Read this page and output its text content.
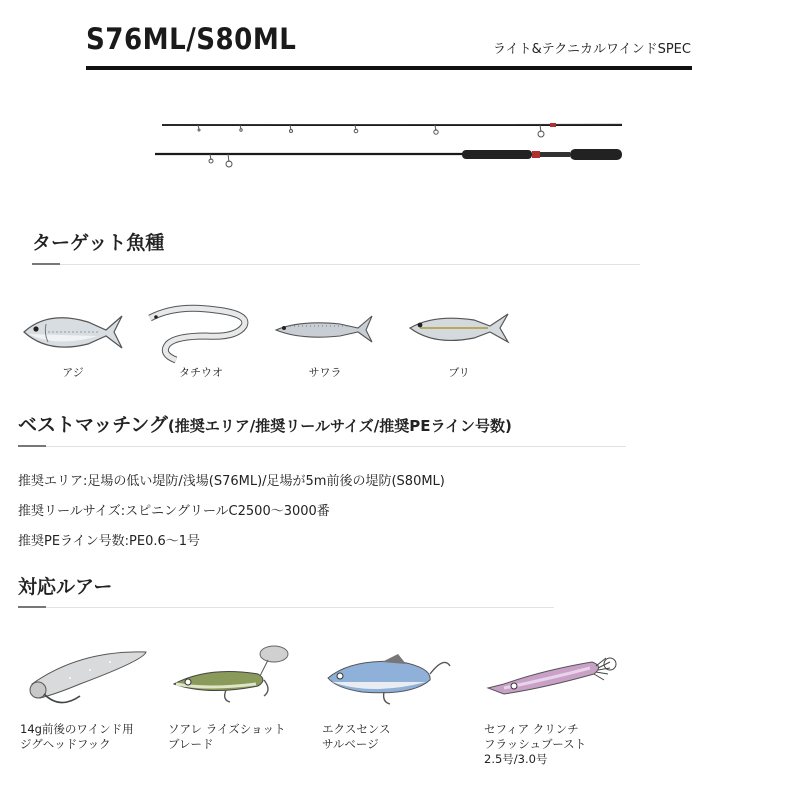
S76ML/S80ML	ライト&テクニカルワインドSPEC
ターゲット魚種
アジ	タチウオ	サワラ	ブリ
ベストマッチング(推奨エリア/推奨リールサイズ/推奨PEライン号数)
推奨エリア:足場の低い堤防/浅場(S76ML)/足場が5m前後の堤防(S80ML)
推奨リールサイズ:スピニングリールC2500～3000番
推奨PEライン号数:PE0.6～1号
対応ルアー
14g前後のワインド用
ジグヘッドフック
ソアレ ライズショット
ブレード
エクスセンス
サルベージ
セフィア クリンチ
フラッシュブースト
2.5号/3.0号
